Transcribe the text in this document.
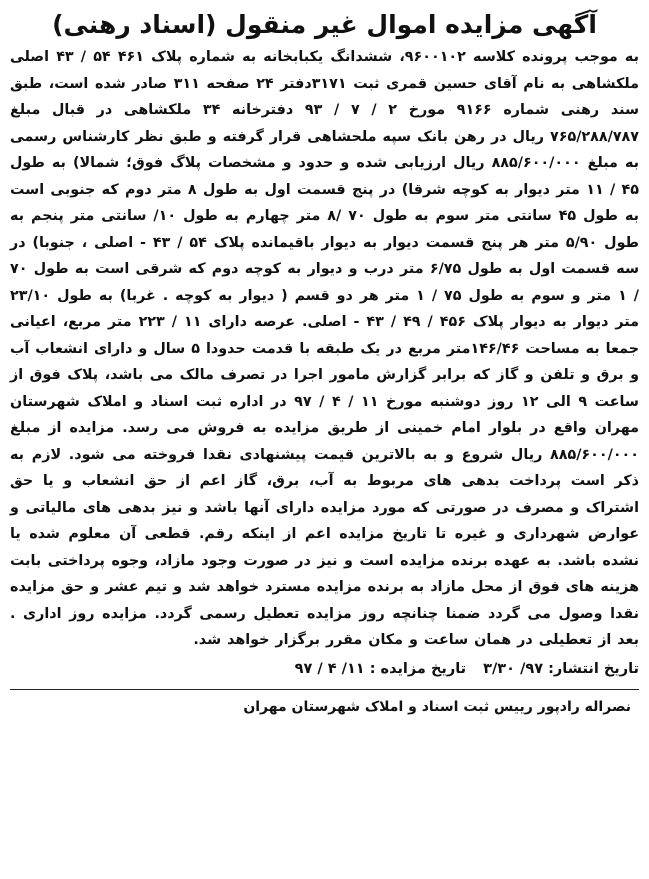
آگهی مزایده اموال غیر منقول (اسناد رهنی)

به موجب پرونده کلاسه ۹۶۰۰۱۰۲، ششدانگ یکبابخانه به شماره پلاک ۴۶۱ ۵۴ / ۴۳ اصلی ملکشاهی به نام آقای حسین قمری ثبت ۳۱۷۱دفتر ۲۴ صفحه ۳۱۱ صادر شده است، طبق سند رهنی شماره ۹۱۶۶ مورخ ۲ / ۷ / ۹۳ دفترخانه ۳۴ ملکشاهی در قبال مبلغ ۷۶۵/۲۸۸/۷۸۷ ریال در رهن بانک سپه ملحشاهی قرار گرفته و طبق نظر کارشناس رسمی به مبلغ ۸۸۵/۶۰۰/۰۰۰ ریال ارزیابی شده و حدود و مشخصات پلاگ فوق؛ شمالا) به طول ۴۵ / ۱۱ متر دیوار به کوچه شرقا) در پنج قسمت اول به طول ۸ متر دوم که جنوبی است به طول ۴۵ سانتی متر سوم به طول ۷۰ /۸ متر چهارم به طول ۱۰/ سانتی متر پنجم به طول ۵/۹۰ متر هر پنج قسمت دیوار به دیوار باقیمانده پلاک ۵۴ / ۴۳ - اصلی ، جنوبا) در سه قسمت اول به طول ۶/۷۵ متر درب و دیوار به کوچه دوم که شرقی است به طول ۷۰ / ۱ متر و سوم به طول ۷۵ / ۱ متر هر دو قسم ( دیوار به کوچه . غربا) به طول ۲۳/۱۰ متر دیوار به دیوار پلاک ۴۵۶ / ۴۹ / ۴۳ - اصلی. عرصه دارای ۱۱ / ۲۲۳ متر مربع، اعیانی جمعا به مساحت ۱۴۶/۴۶متر مربع در یک طبقه با قدمت حدودا ۵ سال و دارای انشعاب آب و برق و تلفن و گاز که برابر گزارش مامور اجرا در تصرف مالک می باشد، پلاک فوق از ساعت ۹ الی ۱۲ روز دوشنبه مورخ ۱۱ / ۴ / ۹۷ در اداره ثبت اسناد و املاک شهرستان مهران واقع در بلوار امام خمینی از طریق مزایده به فروش می رسد. مزایده از مبلغ ۸۸۵/۶۰۰/۰۰۰ ریال شروع و به بالاترین قیمت پیشنهادی نقدا فروخته می شود. لازم به ذکر است پرداخت بدهی های مربوط به آب، برق، گاز اعم از حق انشعاب و یا حق اشتراک و مصرف در صورتی که مورد مزایده دارای آنها باشد و نیز بدهی های مالیاتی و عوارض شهرداری و غیره تا تاریخ مزایده اعم از اینکه رقم. قطعی آن معلوم شده یا نشده باشد. به عهده برنده مزایده است و نیز در صورت وجود مازاد، وجوه پرداختی بابت هزینه های فوق از محل مازاد به برنده مزایده مسترد خواهد شد و تیم عشر و حق مزایده نقدا وصول می گردد ضمنا چنانچه روز مزایده تعطیل رسمی گردد. مزایده روز اداری . بعد از تعطیلی در همان ساعت و مکان مقرر برگزار خواهد شد.

تاریخ انتشار: ۹۷/ ۳/۳۰ تاریخ مزایده : ۱۱/ ۴ / ۹۷
نصراله رادپور رییس ثبت اسناد و املاک شهرستان مهران
